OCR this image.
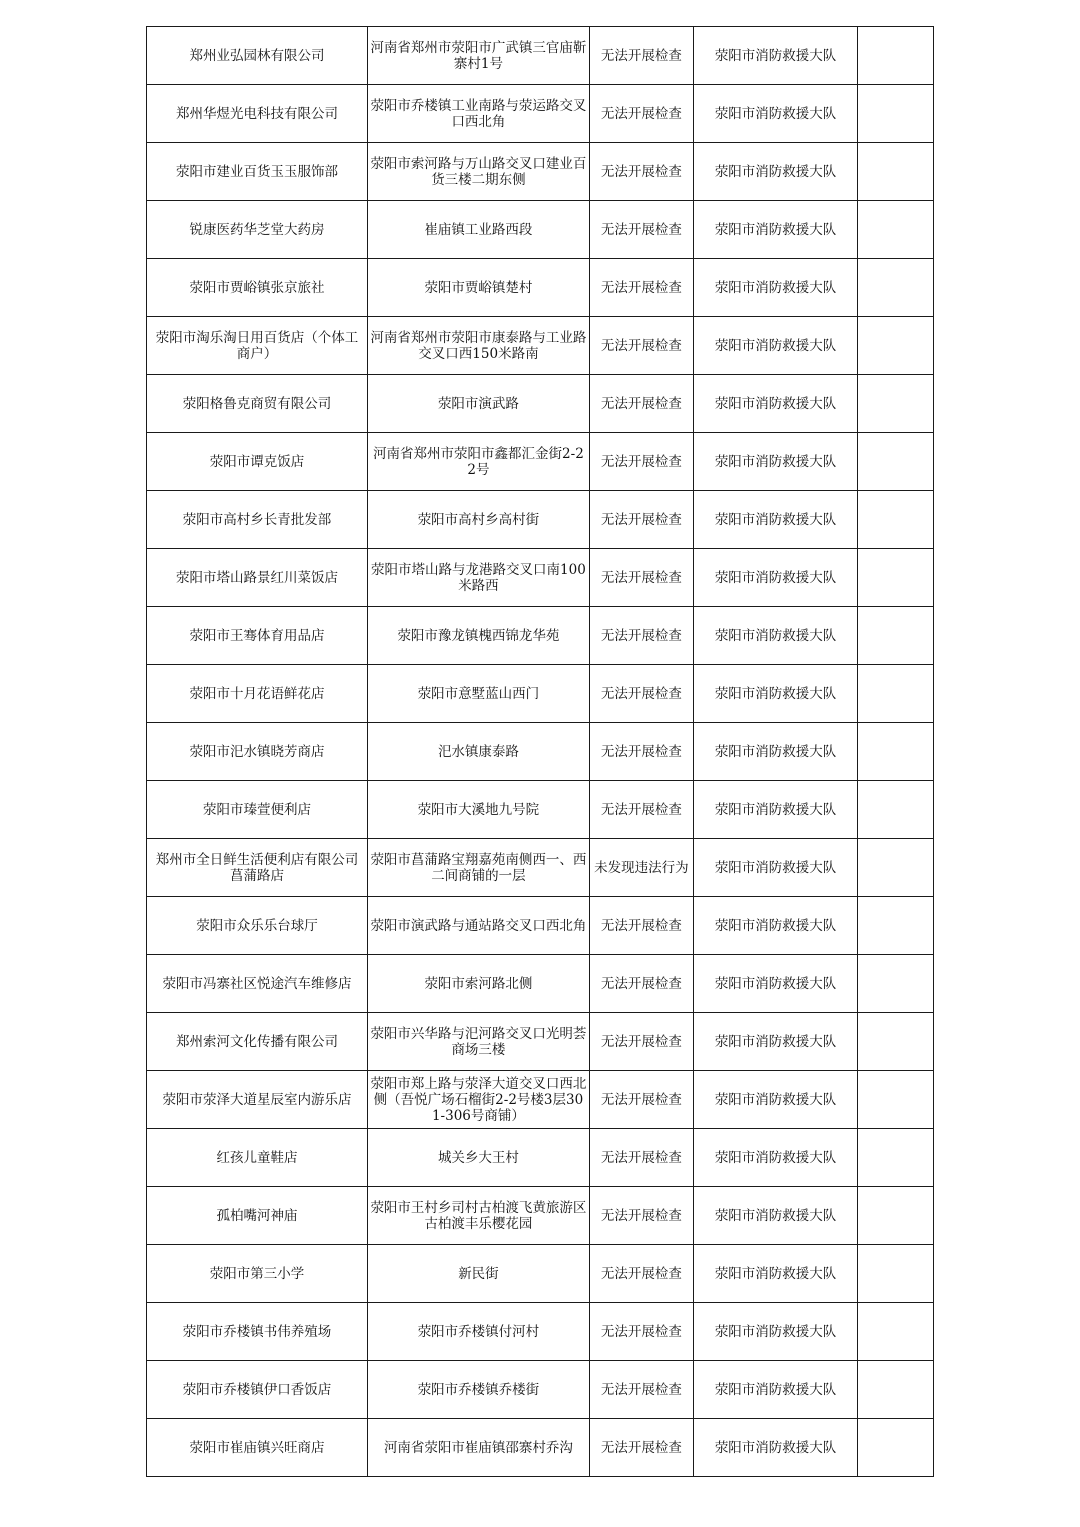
郑州业弘园林有限公司	河南省郑州市荥阳市广武镇三官庙靳寨村1号	无法开展检查	荥阳市消防救援大队	
郑州华煜光电科技有限公司	荥阳市乔楼镇工业南路与荥运路交叉口西北角	无法开展检查	荥阳市消防救援大队	
荥阳市建业百货玉玉服饰部	荥阳市索河路与万山路交叉口建业百货三楼二期东侧	无法开展检查	荥阳市消防救援大队	
锐康医药华芝堂大药房	崔庙镇工业路西段	无法开展检查	荥阳市消防救援大队	
荥阳市贾峪镇张京旅社	荥阳市贾峪镇楚村	无法开展检查	荥阳市消防救援大队	
荥阳市淘乐淘日用百货店（个体工商户）	河南省郑州市荥阳市康泰路与工业路交叉口西150米路南	无法开展检查	荥阳市消防救援大队	
荥阳格鲁克商贸有限公司	荥阳市演武路	无法开展检查	荥阳市消防救援大队	
荥阳市谭克饭店	河南省郑州市荥阳市鑫都汇金街2-22号	无法开展检查	荥阳市消防救援大队	
荥阳市高村乡长青批发部	荥阳市高村乡高村街	无法开展检查	荥阳市消防救援大队	
荥阳市塔山路景红川菜饭店	荥阳市塔山路与龙港路交叉口南100米路西	无法开展检查	荥阳市消防救援大队	
荥阳市王骞体育用品店	荥阳市豫龙镇槐西锦龙华苑	无法开展检查	荥阳市消防救援大队	
荥阳市十月花语鲜花店	荥阳市意墅蓝山西门	无法开展检查	荥阳市消防救援大队	
荥阳市汜水镇晓芳商店	汜水镇康泰路	无法开展检查	荥阳市消防救援大队	
荥阳市瑧萱便利店	荥阳市大溪地九号院	无法开展检查	荥阳市消防救援大队	
郑州市全日鲜生活便利店有限公司菖蒲路店	荥阳市菖蒲路宝翔嘉苑南侧西一、西二间商铺的一层	未发现违法行为	荥阳市消防救援大队	
荥阳市众乐乐台球厅	荥阳市演武路与通站路交叉口西北角	无法开展检查	荥阳市消防救援大队	
荥阳市冯寨社区悦途汽车维修店	荥阳市索河路北侧	无法开展检查	荥阳市消防救援大队	
郑州索河文化传播有限公司	荥阳市兴华路与汜河路交叉口光明荟商场三楼	无法开展检查	荥阳市消防救援大队	
荥阳市荥泽大道星辰室内游乐店	荥阳市郑上路与荥泽大道交叉口西北侧（吾悦广场石榴街2-2号楼3层301-306号商铺）	无法开展检查	荥阳市消防救援大队	
红孩儿童鞋店	城关乡大王村	无法开展检查	荥阳市消防救援大队	
孤柏嘴河神庙	荥阳市王村乡司村古柏渡飞黄旅游区古柏渡丰乐樱花园	无法开展检查	荥阳市消防救援大队	
荥阳市第三小学	新民街	无法开展检查	荥阳市消防救援大队	
荥阳市乔楼镇书伟养殖场	荥阳市乔楼镇付河村	无法开展检查	荥阳市消防救援大队	
荥阳市乔楼镇伊口香饭店	荥阳市乔楼镇乔楼街	无法开展检查	荥阳市消防救援大队	
荥阳市崔庙镇兴旺商店	河南省荥阳市崔庙镇邵寨村乔沟	无法开展检查	荥阳市消防救援大队	
